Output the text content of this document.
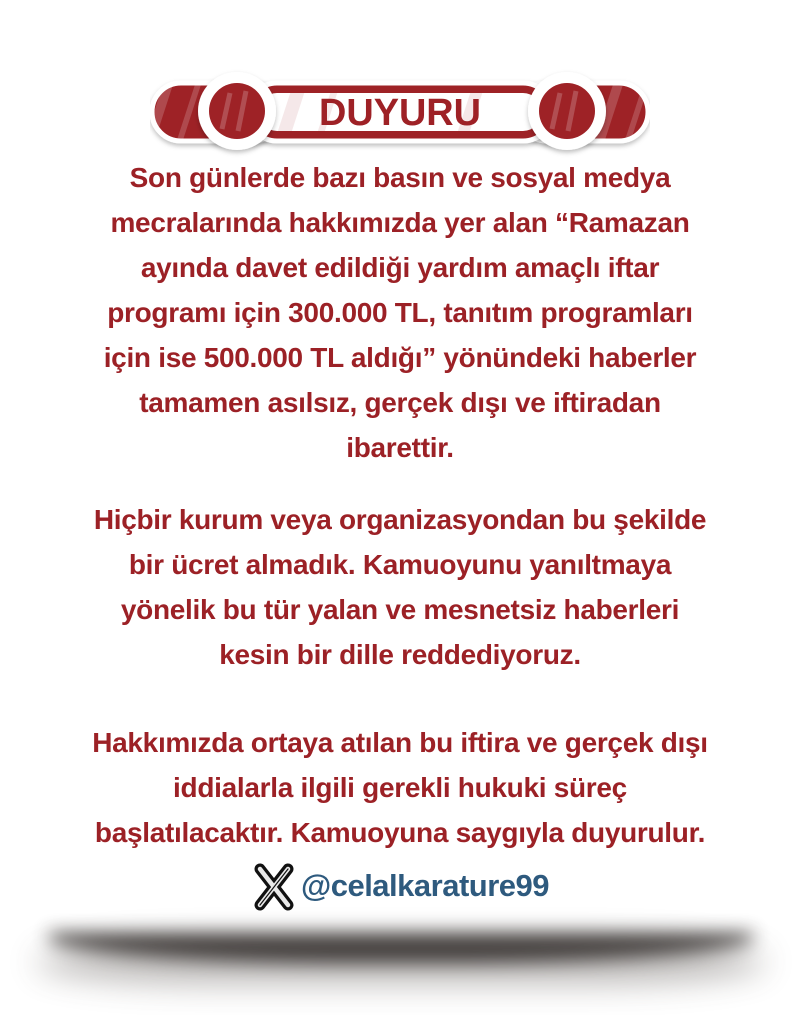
DUYURU
Son günlerde bazı basın ve sosyal medya
mecralarında hakkımızda yer alan “Ramazan
ayında davet edildiği yardım amaçlı iftar
programı için 300.000 TL, tanıtım programları
için ise 500.000 TL aldığı” yönündeki haberler
tamamen asılsız, gerçek dışı ve iftiradan
ibarettir.
Hiçbir kurum veya organizasyondan bu şekilde
bir ücret almadık. Kamuoyunu yanıltmaya
yönelik bu tür yalan ve mesnetsiz haberleri
kesin bir dille reddediyoruz.
Hakkımızda ortaya atılan bu iftira ve gerçek dışı
iddialarla ilgili gerekli hukuki süreç
başlatılacaktır. Kamuoyuna saygıyla duyurulur.
@celalkarature99
